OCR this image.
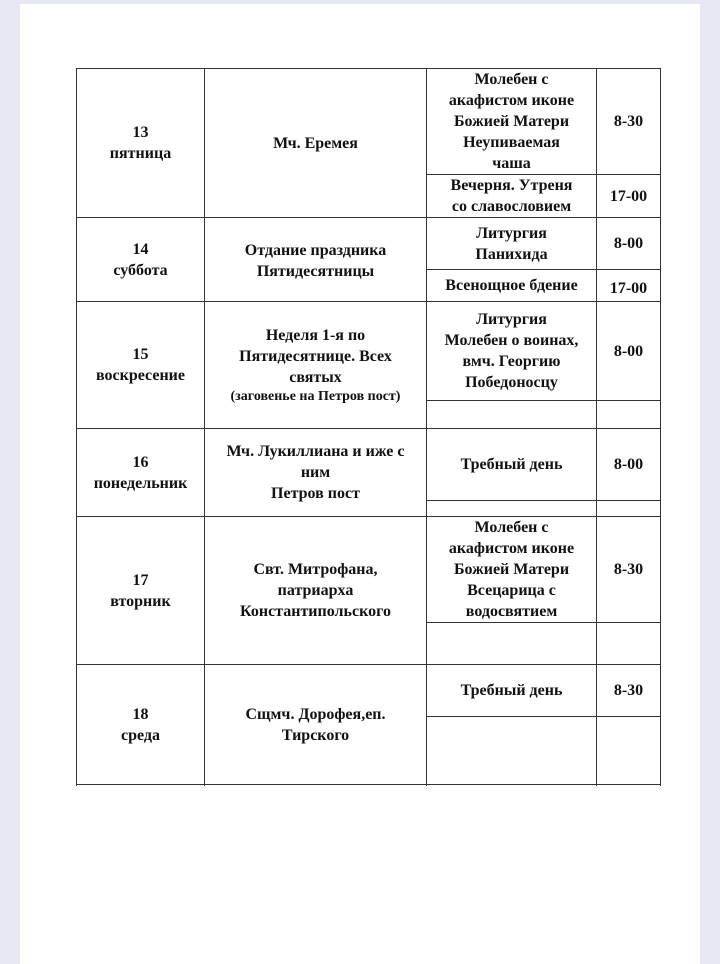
13
пятница
Мч. Еремея
Молебен с
акафистом иконе
Божией Матери
Неупиваемая
чаша
8-30
Вечерня. Утреня
со славословием
17-00
14
суббота
Отдание праздника
Пятидесятницы
Литургия
Панихида
8-00
Всенощное бдение 17-00
15
воскресение
Неделя 1-я по
Пятидесятнице. Всех
святых
(заговенье на Петров пост)
Литургия
Молебен о воинах,
вмч. Георгию
Победоносцу
8-00
16
понедельник
Мч. Лукиллиана и иже с
ним
Петров пост
Требный день	8-00
17
вторник
Свт. Митрофана,
патриарха
Константипольского
Молебен с
акафистом иконе
Божией Матери
Всецарица с
водосвятием
8-30
18
среда
Сщмч. Дорофея,еп.
Тирского
Требный день	8-30
